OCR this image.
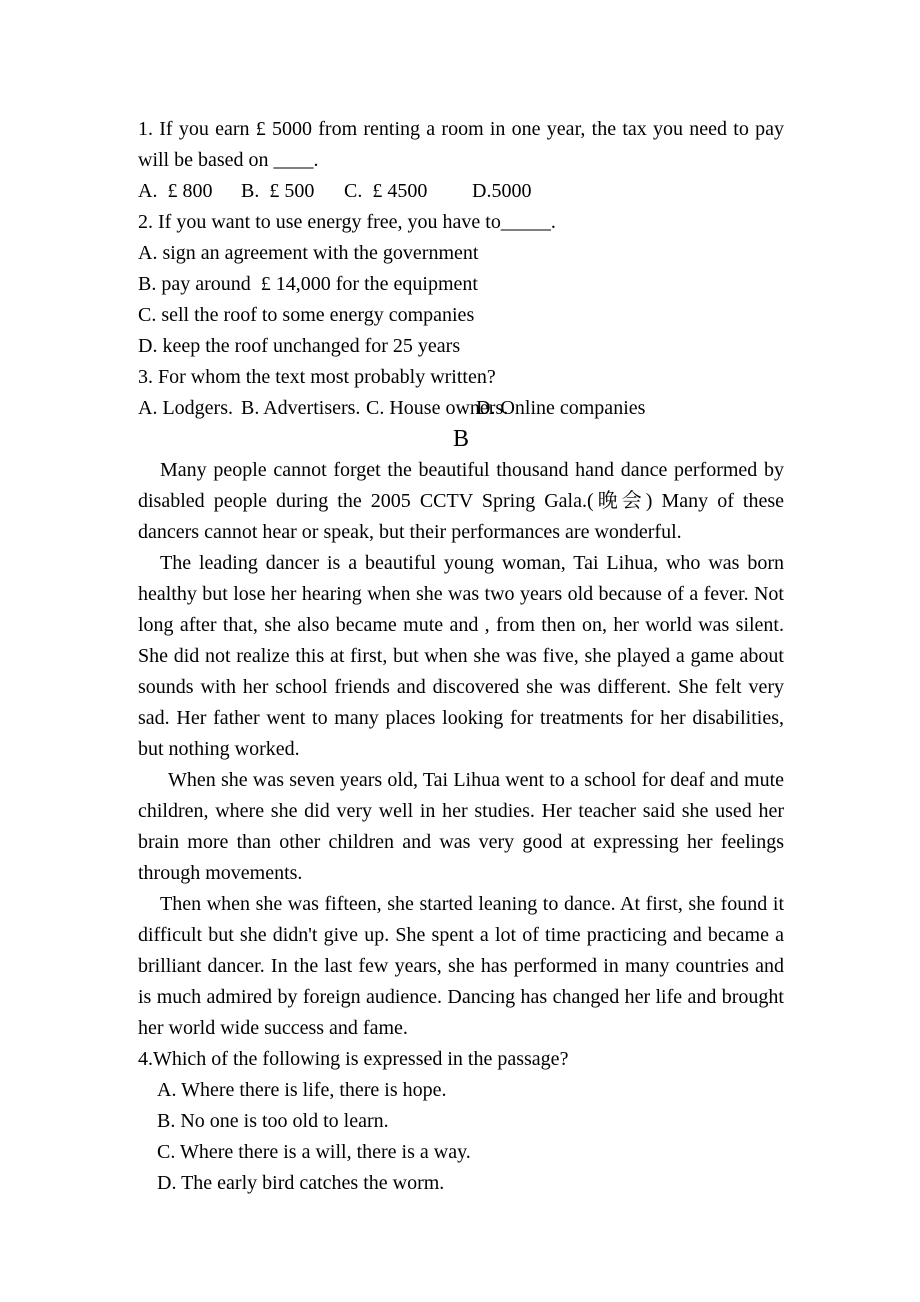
1. If you earn £ 5000 from renting a room in one year, the tax you need to pay will be based on ____.
A.  £ 800 B.  £ 500 C.  £ 4500 D.5000
2. If you want to use energy free, you have to_____.
A. sign an agreement with the government
B. pay around  £ 14,000 for the equipment
C. sell the roof to some energy companies
D. keep the roof unchanged for 25 years
3. For whom the text most probably written?
A. Lodgers. B. Advertisers. C. House owners.
D. Online companies
B

Many people cannot forget the beautiful thousand hand dance performed by disabled people during the 2005 CCTV Spring Gala.(晚会) Many of these dancers cannot hear or speak, but their performances are wonderful.

The leading dancer is a beautiful young woman, Tai Lihua, who was born healthy but lose her hearing when she was two years old because of a fever. Not long after that, she also became mute and , from then on, her world was silent. She did not realize this at first, but when she was five, she played a game about sounds with her school friends and discovered she was different. She felt very sad. Her father went to many places looking for treatments for her disabilities, but nothing worked.

When she was seven years old, Tai Lihua went to a school for deaf and mute children, where she did very well in her studies. Her teacher said she used her brain more than other children and was very good at expressing her feelings through movements.

Then when she was fifteen, she started leaning to dance. At first, she found it difficult but she didn't give up. She spent a lot of time practicing and became a brilliant dancer. In the last few years, she has performed in many countries and is much admired by foreign audience. Dancing has changed her life and brought her world wide success and fame.

4.Which of the following is expressed in the passage?
A. Where there is life, there is hope.
B. No one is too old to learn.
C. Where there is a will, there is a way.
D. The early bird catches the worm.
